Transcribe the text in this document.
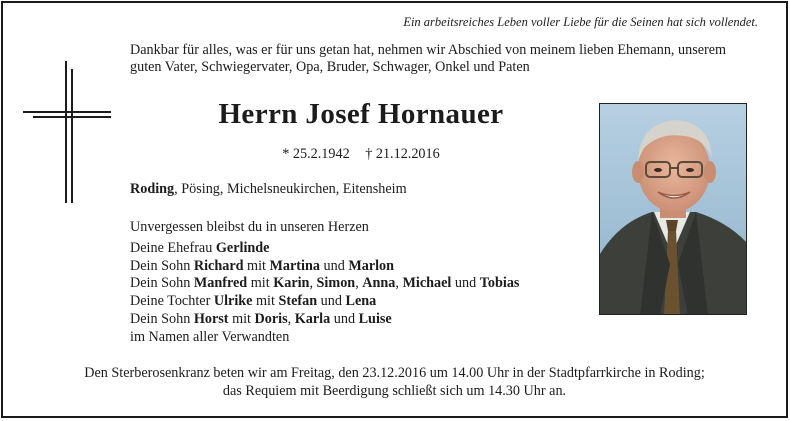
Ein arbeitsreiches Leben voller Liebe für die Seinen hat sich vollendet.
Dankbar für alles, was er für uns getan hat, nehmen wir Abschied von meinem lieben Ehemann, unserem
guten Vater, Schwiegervater, Opa, Bruder, Schwager, Onkel und Paten
Herrn Josef Hornauer
* 25.2.1942 † 21.12.2016
Roding, Pösing, Michelsneukirchen, Eitensheim
Unvergessen bleibst du in unseren Herzen
Deine Ehefrau Gerlinde
Dein Sohn Richard mit Martina und Marlon
Dein Sohn Manfred mit Karin, Simon, Anna, Michael und Tobias
Deine Tochter Ulrike mit Stefan und Lena
Dein Sohn Horst mit Doris, Karla und Luise
im Namen aller Verwandten
Den Sterberosenkranz beten wir am Freitag, den 23.12.2016 um 14.00 Uhr in der Stadtpfarrkirche in Roding;
das Requiem mit Beerdigung schließt sich um 14.30 Uhr an.
